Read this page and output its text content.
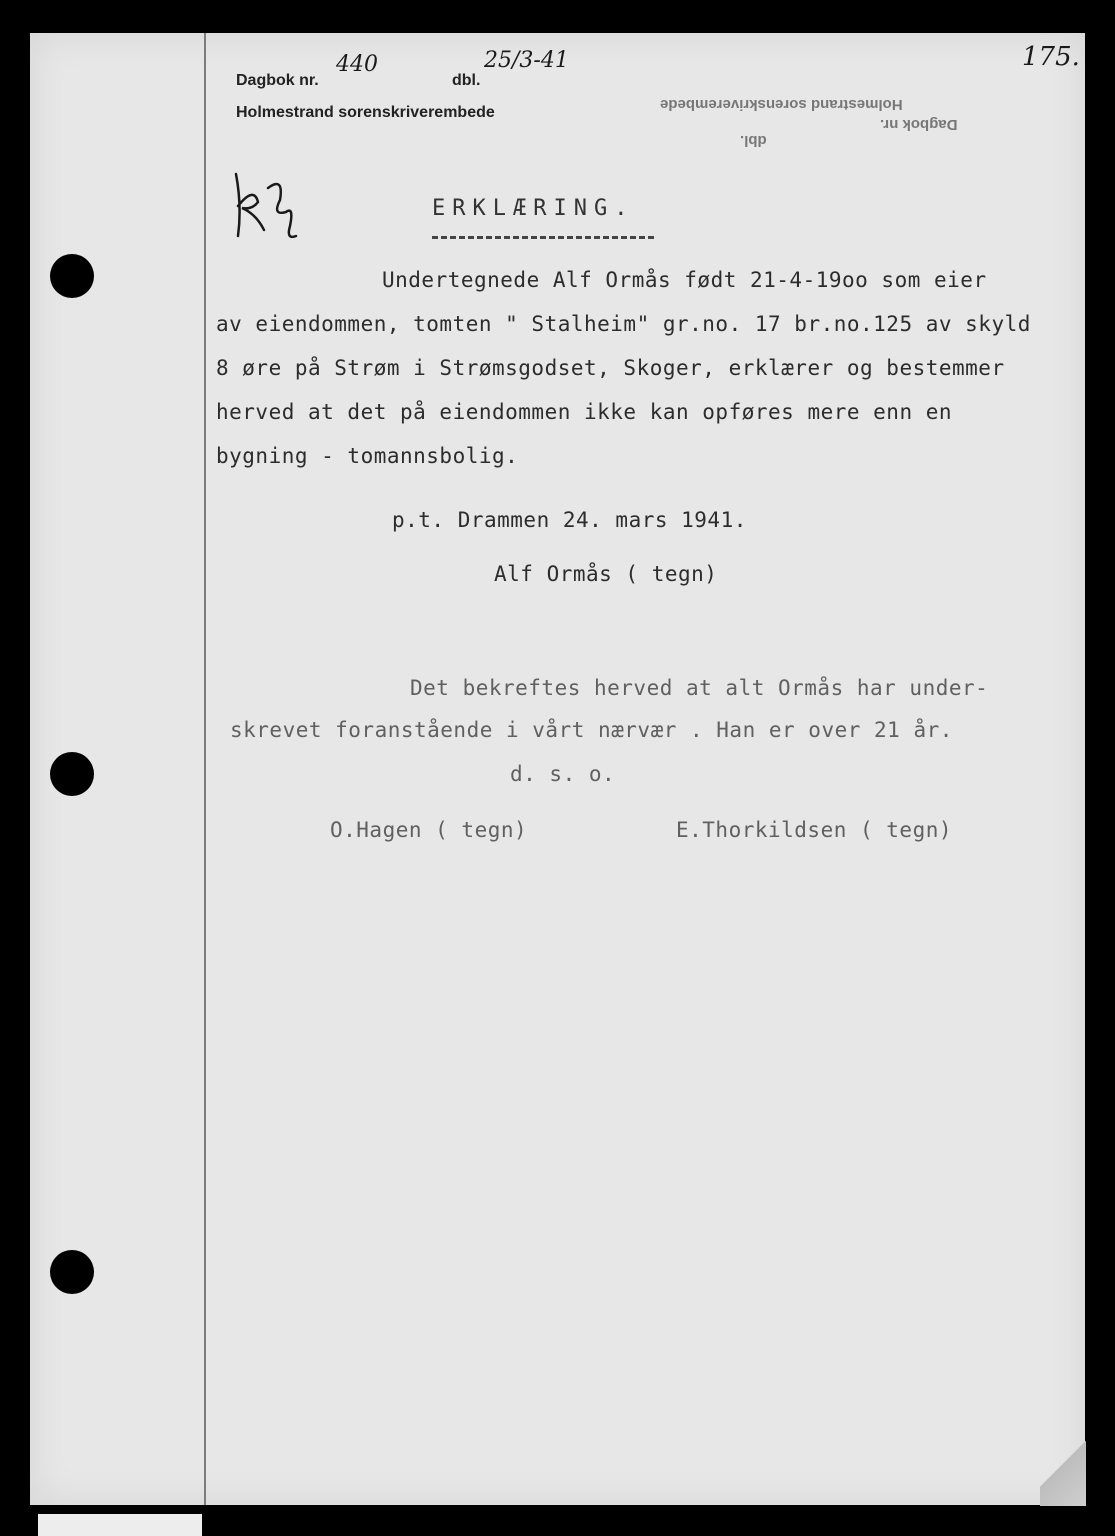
Dagbok nr.
440
dbl.
25/3-41
Holmestrand sorenskriverembede	Holmestrand sorenskriverembede
Dagbok nr.
dbl.
175.
ERKLÆRING.
Undertegnede Alf Ormås født 21-4-19oo som eier
av eiendommen, tomten " Stalheim" gr.no. 17 br.no.125 av skyld
8 øre på Strøm i Strømsgodset, Skoger, erklærer og bestemmer
herved at det på eiendommen ikke kan opføres mere enn en
bygning - tomannsbolig.
p.t. Drammen 24. mars 1941.
Alf Ormås ( tegn)
Det bekreftes herved at alt Ormås har under-
skrevet foranstående i vårt nærvær . Han er over 21 år.
d. s. o.
O.Hagen ( tegn)	E.Thorkildsen ( tegn)
